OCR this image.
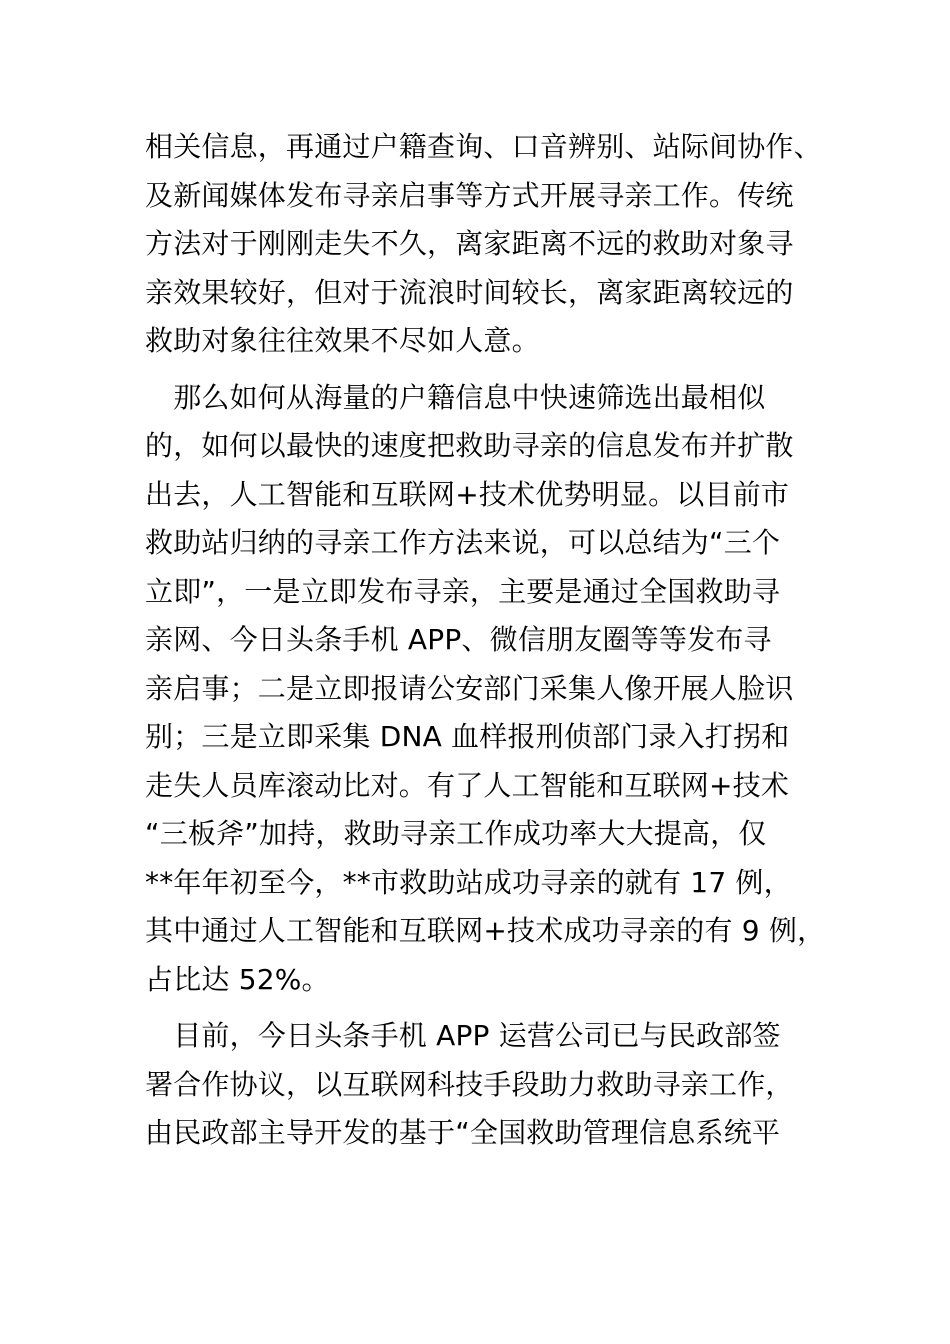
相关信息，再通过户籍查询、口音辨别、站际间协作、
及新闻媒体发布寻亲启事等方式开展寻亲工作。传统
方法对于刚刚走失不久，离家距离不远的救助对象寻
亲效果较好，但对于流浪时间较长，离家距离较远的
救助对象往往效果不尽如人意。
　那么如何从海量的户籍信息中快速筛选出最相似
的，如何以最快的速度把救助寻亲的信息发布并扩散
出去，人工智能和互联网+技术优势明显。以目前市
救助站归纳的寻亲工作方法来说，可以总结为“三个
立即”，一是立即发布寻亲，主要是通过全国救助寻
亲网、今日头条手机 APP、微信朋友圈等等发布寻
亲启事；二是立即报请公安部门采集人像开展人脸识
别；三是立即采集 DNA 血样报刑侦部门录入打拐和
走失人员库滚动比对。有了人工智能和互联网+技术
“三板斧”加持，救助寻亲工作成功率大大提高，仅
**年年初至今，**市救助站成功寻亲的就有 17 例，
其中通过人工智能和互联网+技术成功寻亲的有 9 例，
占比达 52%。
　目前，今日头条手机 APP 运营公司已与民政部签
署合作协议，以互联网科技手段助力救助寻亲工作，
由民政部主导开发的基于“全国救助管理信息系统平
